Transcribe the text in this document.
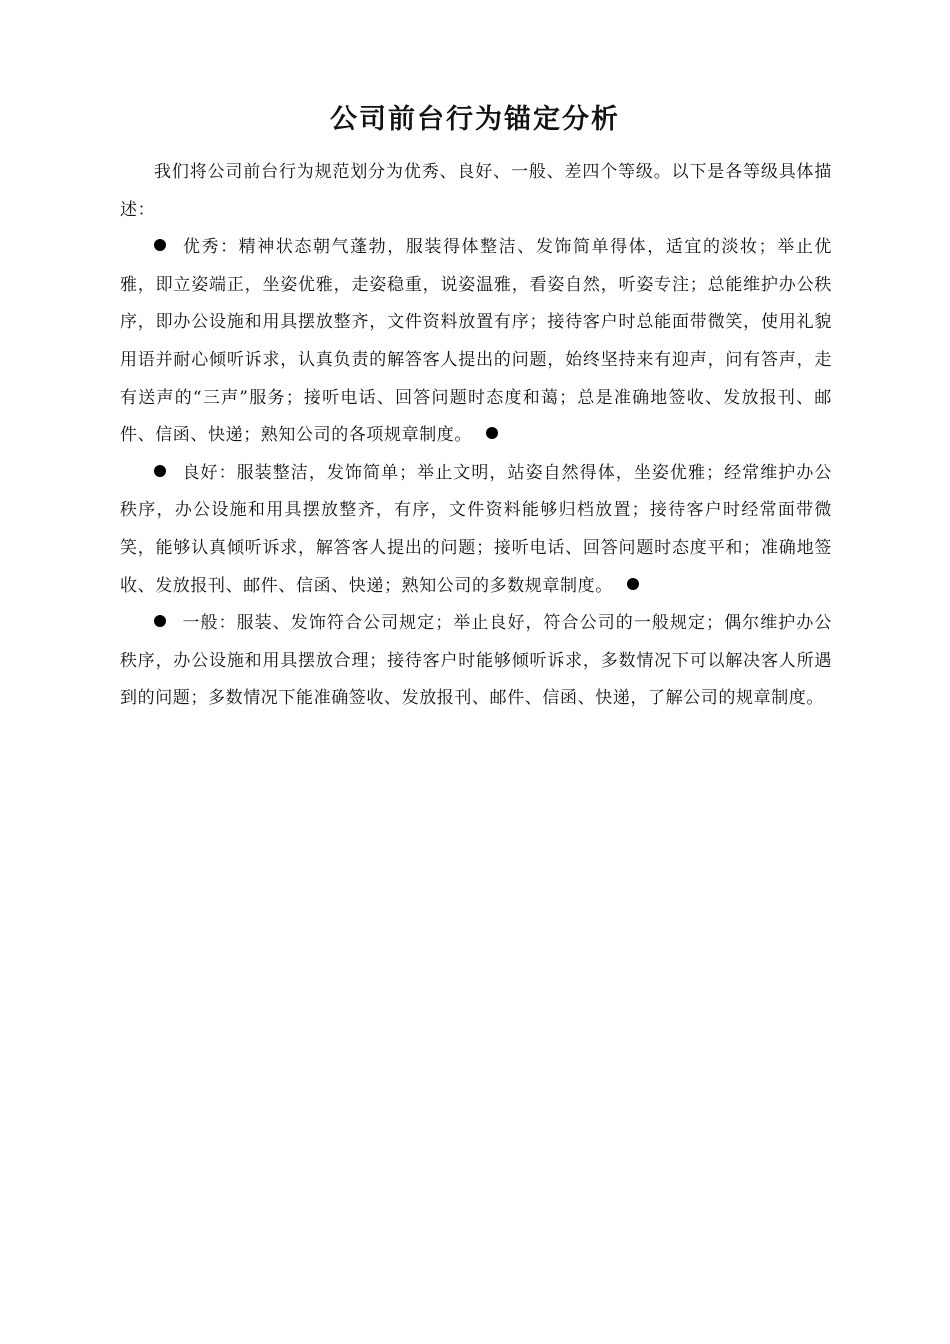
公司前台行为锚定分析

我们将公司前台行为规范划分为优秀、良好、一般、差四个等级。以下是各等级具体描述：

优秀：精神状态朝气蓬勃，服装得体整洁、发饰简单得体，适宜的淡妆；举止优雅，即立姿端正，坐姿优雅，走姿稳重，说姿温雅，看姿自然，听姿专注；总能维护办公秩序，即办公设施和用具摆放整齐，文件资料放置有序；接待客户时总能面带微笑，使用礼貌用语并耐心倾听诉求，认真负责的解答客人提出的问题，始终坚持来有迎声，问有答声，走有送声的“三声”服务；接听电话、回答问题时态度和蔼；总是准确地签收、发放报刊、邮件、信函、快递；熟知公司的各项规章制度。

良好：服装整洁，发饰简单；举止文明，站姿自然得体，坐姿优雅；经常维护办公秩序，办公设施和用具摆放整齐，有序，文件资料能够归档放置；接待客户时经常面带微笑，能够认真倾听诉求，解答客人提出的问题；接听电话、回答问题时态度平和；准确地签收、发放报刊、邮件、信函、快递；熟知公司的多数规章制度。

一般：服装、发饰符合公司规定；举止良好，符合公司的一般规定；偶尔维护办公秩序，办公设施和用具摆放合理；接待客户时能够倾听诉求，多数情况下可以解决客人所遇到的问题；多数情况下能准确签收、发放报刊、邮件、信函、快递，了解公司的规章制度。
